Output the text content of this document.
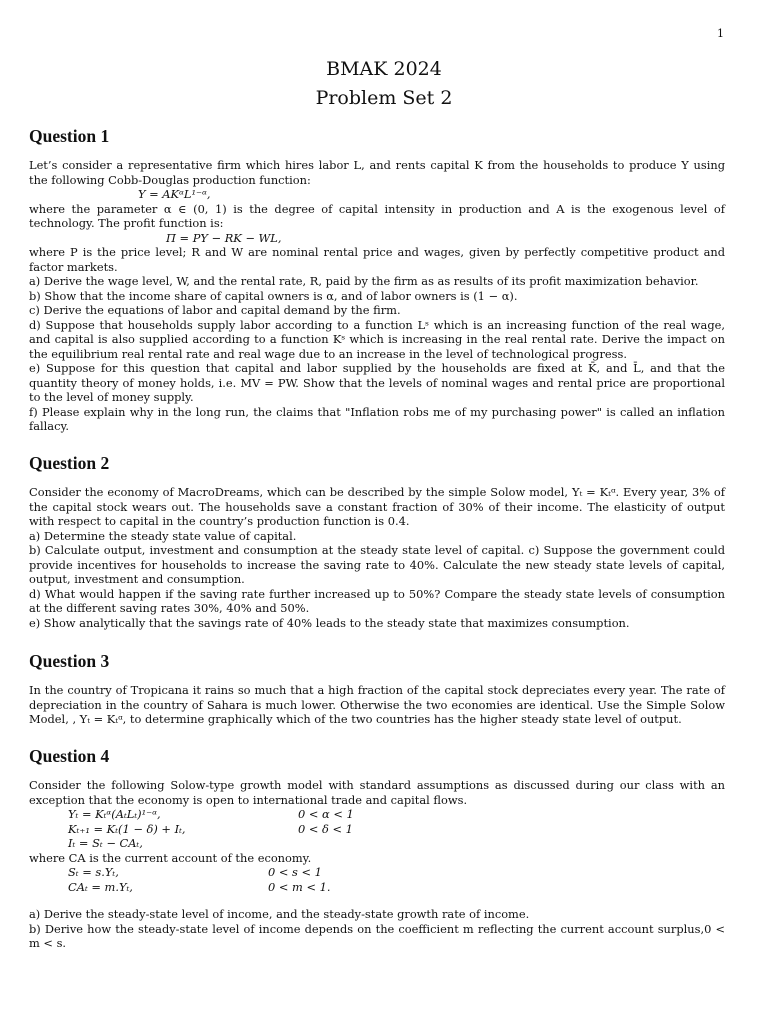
1
BMAK 2024
Problem Set 2
Question 1

Let’s consider a representative firm which hires labor L, and rents capital K from the households to produce Y using the following Cobb-Douglas production function:

Y = AKᵅL¹⁻ᵅ,

where the parameter α ∈ (0, 1) is the degree of capital intensity in production and A is the exogenous level of technology. The profit function is:

Π = PY − RK − WL,

where P is the price level; R and W are nominal rental price and wages, given by perfectly competitive product and factor markets.

a) Derive the wage level, W, and the rental rate, R, paid by the firm as as results of its profit maximization behavior.

b) Show that the income share of capital owners is α, and of labor owners is (1 − α).

c) Derive the equations of labor and capital demand by the firm.

d) Suppose that households supply labor according to a function Lˢ which is an increasing function of the real wage, and capital is also supplied according to a function Kˢ which is increasing in the real rental rate. Derive the impact on the equilibrium real rental rate and real wage due to an increase in the level of technological progress.

e) Suppose for this question that capital and labor supplied by the households are fixed at K̄, and L̄, and that the quantity theory of money holds, i.e. MV = PW. Show that the levels of nominal wages and rental price are proportional to the level of money supply.

f) Please explain why in the long run, the claims that "Inflation robs me of my purchasing power" is called an inflation fallacy.

Question 2

Consider the economy of MacroDreams, which can be described by the simple Solow model, Yₜ = Kₜᵅ. Every year, 3% of the capital stock wears out. The households save a constant fraction of 30% of their income. The elasticity of output with respect to capital in the country’s production function is 0.4.

a) Determine the steady state value of capital.

b) Calculate output, investment and consumption at the steady state level of capital. c) Suppose the government could provide incentives for households to increase the saving rate to 40%. Calculate the new steady state levels of capital, output, investment and consumption.

d) What would happen if the saving rate further increased up to 50%? Compare the steady state levels of consumption at the different saving rates 30%, 40% and 50%.

e) Show analytically that the savings rate of 40% leads to the steady state that maximizes consumption.

Question 3

In the country of Tropicana it rains so much that a high fraction of the capital stock depreciates every year. The rate of depreciation in the country of Sahara is much lower. Otherwise the two economies are identical. Use the Simple Solow Model, , Yₜ = Kₜᵅ, to determine graphically which of the two countries has the higher steady state level of output.

Question 4

Consider the following Solow-type growth model with standard assumptions as discussed during our class with an exception that the economy is open to international trade and capital flows.

Yₜ = Kₜᵅ(AₜLₜ)¹⁻ᵅ,	0 < α < 1
Kₜ₊₁ = Kₜ(1 − δ) + Iₜ,	0 < δ < 1
Iₜ = Sₜ − CAₜ,

where CA is the current account of the economy.

Sₜ = s.Yₜ,	0 < s < 1
CAₜ = m.Yₜ,	0 < m < 1.

a) Derive the steady-state level of income, and the steady-state growth rate of income.

b) Derive how the steady-state level of income depends on the coefficient m reflecting the current account surplus,0 < m < s.
